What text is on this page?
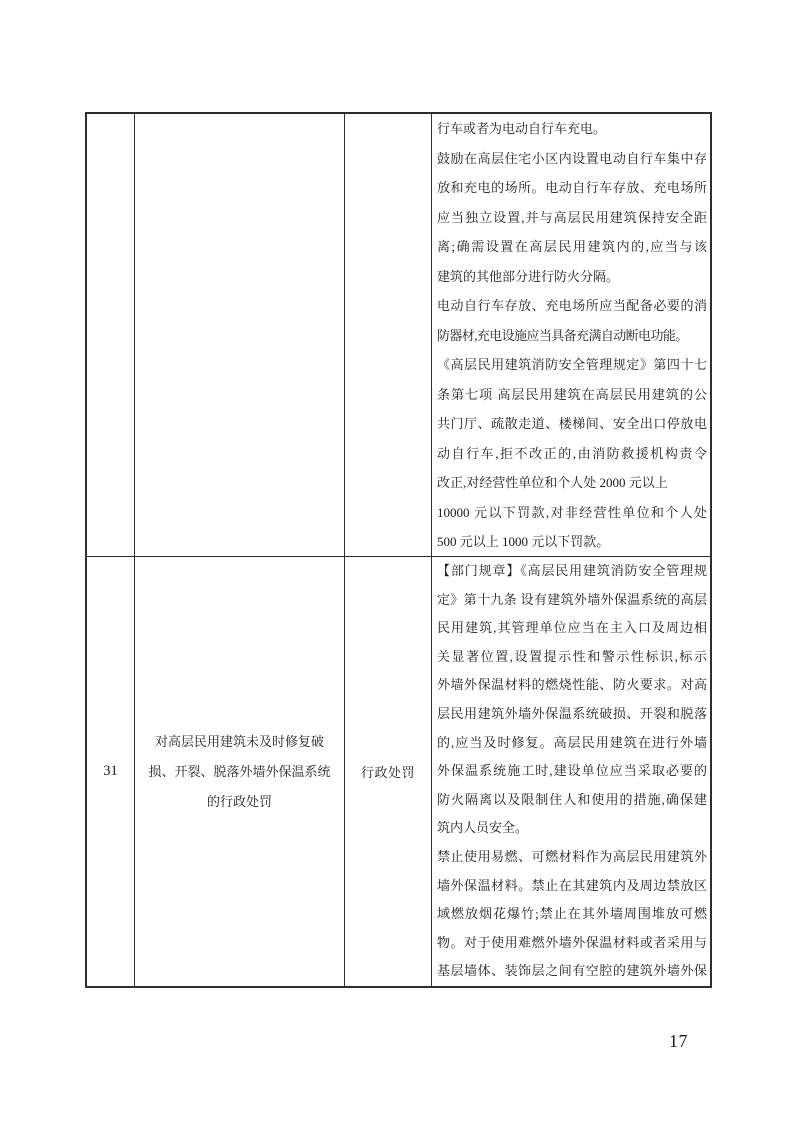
行车或者为电动自行车充电。
鼓励在高层住宅小区内设置电动自行车集中存
放和充电的场所。电动自行车存放、充电场所
应当独立设置,并与高层民用建筑保持安全距
离;确需设置在高层民用建筑内的,应当与该
建筑的其他部分进行防火分隔。
电动自行车存放、充电场所应当配备必要的消
防器材,充电设施应当具备充满自动断电功能。
《高层民用建筑消防安全管理规定》第四十七
条第七项 高层民用建筑在高层民用建筑的公
共门厅、疏散走道、楼梯间、安全出口停放电
动自行车,拒不改正的,由消防救援机构责令
改正,对经营性单位和个人处 2000 元以上
10000 元以下罚款,对非经营性单位和个人处
500 元以上 1000 元以下罚款。
31
对高层民用建筑未及时修复破
损、开裂、脱落外墙外保温系统
的行政处罚
行政处罚
【部门规章】《高层民用建筑消防安全管理规
定》第十九条 设有建筑外墙外保温系统的高层
民用建筑,其管理单位应当在主入口及周边相
关显著位置,设置提示性和警示性标识,标示
外墙外保温材料的燃烧性能、防火要求。对高
层民用建筑外墙外保温系统破损、开裂和脱落
的,应当及时修复。高层民用建筑在进行外墙
外保温系统施工时,建设单位应当采取必要的
防火隔离以及限制住人和使用的措施,确保建
筑内人员安全。
禁止使用易燃、可燃材料作为高层民用建筑外
墙外保温材料。禁止在其建筑内及周边禁放区
域燃放烟花爆竹;禁止在其外墙周围堆放可燃
物。对于使用难燃外墙外保温材料或者采用与
基层墙体、装饰层之间有空腔的建筑外墙外保
17
